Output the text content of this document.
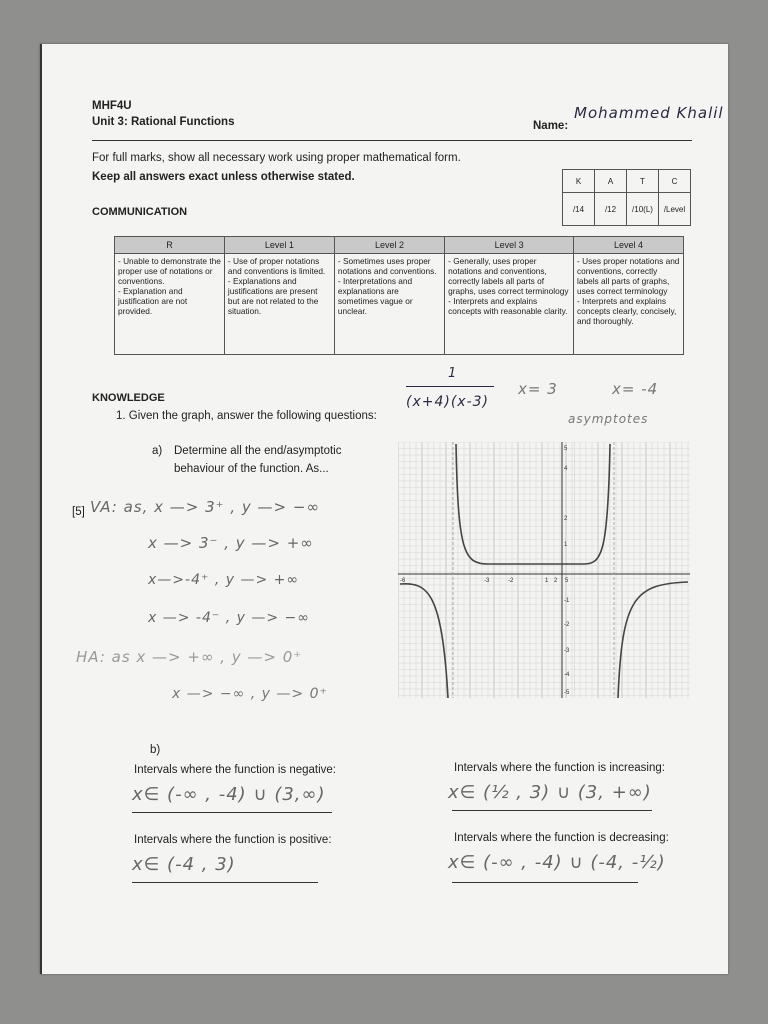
MHF4U
Unit 3: Rational Functions	Name:
Mohammed Khalil
For full marks, show all necessary work using proper mathematical form.
Keep all answers exact unless otherwise stated.	K	A	T	C
/14	/12	/10(L)	/Level
COMMUNICATION
R	Level 1	Level 2	Level 3	Level 4
- Unable to demonstrate the proper use of notations or conventions.
- Explanation and justification are not provided.	- Use of proper notations and conventions is limited.
- Explanations and justifications are present but are not related to the situation.	- Sometimes uses proper notations and conventions.
- Interpretations and explanations are sometimes vague or unclear.	- Generally, uses proper notations and conventions, correctly labels all parts of graphs, uses correct terminology
- Interprets and explains concepts with reasonable clarity.	- Uses proper notations and conventions, correctly labels all parts of graphs, uses correct terminology
- Interprets and explains concepts clearly, concisely, and thoroughly.
KNOWLEDGE
1. Given the graph, answer the following questions:
1
(x+4)(x-3)
x= 3	x= -4
asymptotes
a) Determine all the end/asymptotic
behaviour of the function. As...
[5] VA: as, x —> 3⁺ , y —> −∞
x —> 3⁻ , y —> +∞
x—>-4⁺ , y —> +∞
x —> -4⁻ , y —> −∞
HA: as x —> +∞ , y —> 0⁺
x —> −∞ , y —> 0⁺
-6	-3	-2	1 2 5
5
4
2
1
-1
-2
-3
-4
-5
b)
Intervals where the function is negative:
x∈ (-∞ , -4) ∪ (3,∞)
Intervals where the function is increasing:
x∈ (½ , 3) ∪ (3, +∞)
Intervals where the function is positive:
x∈ (-4 , 3)
Intervals where the function is decreasing:
x∈ (-∞ , -4) ∪ (-4, -½)
